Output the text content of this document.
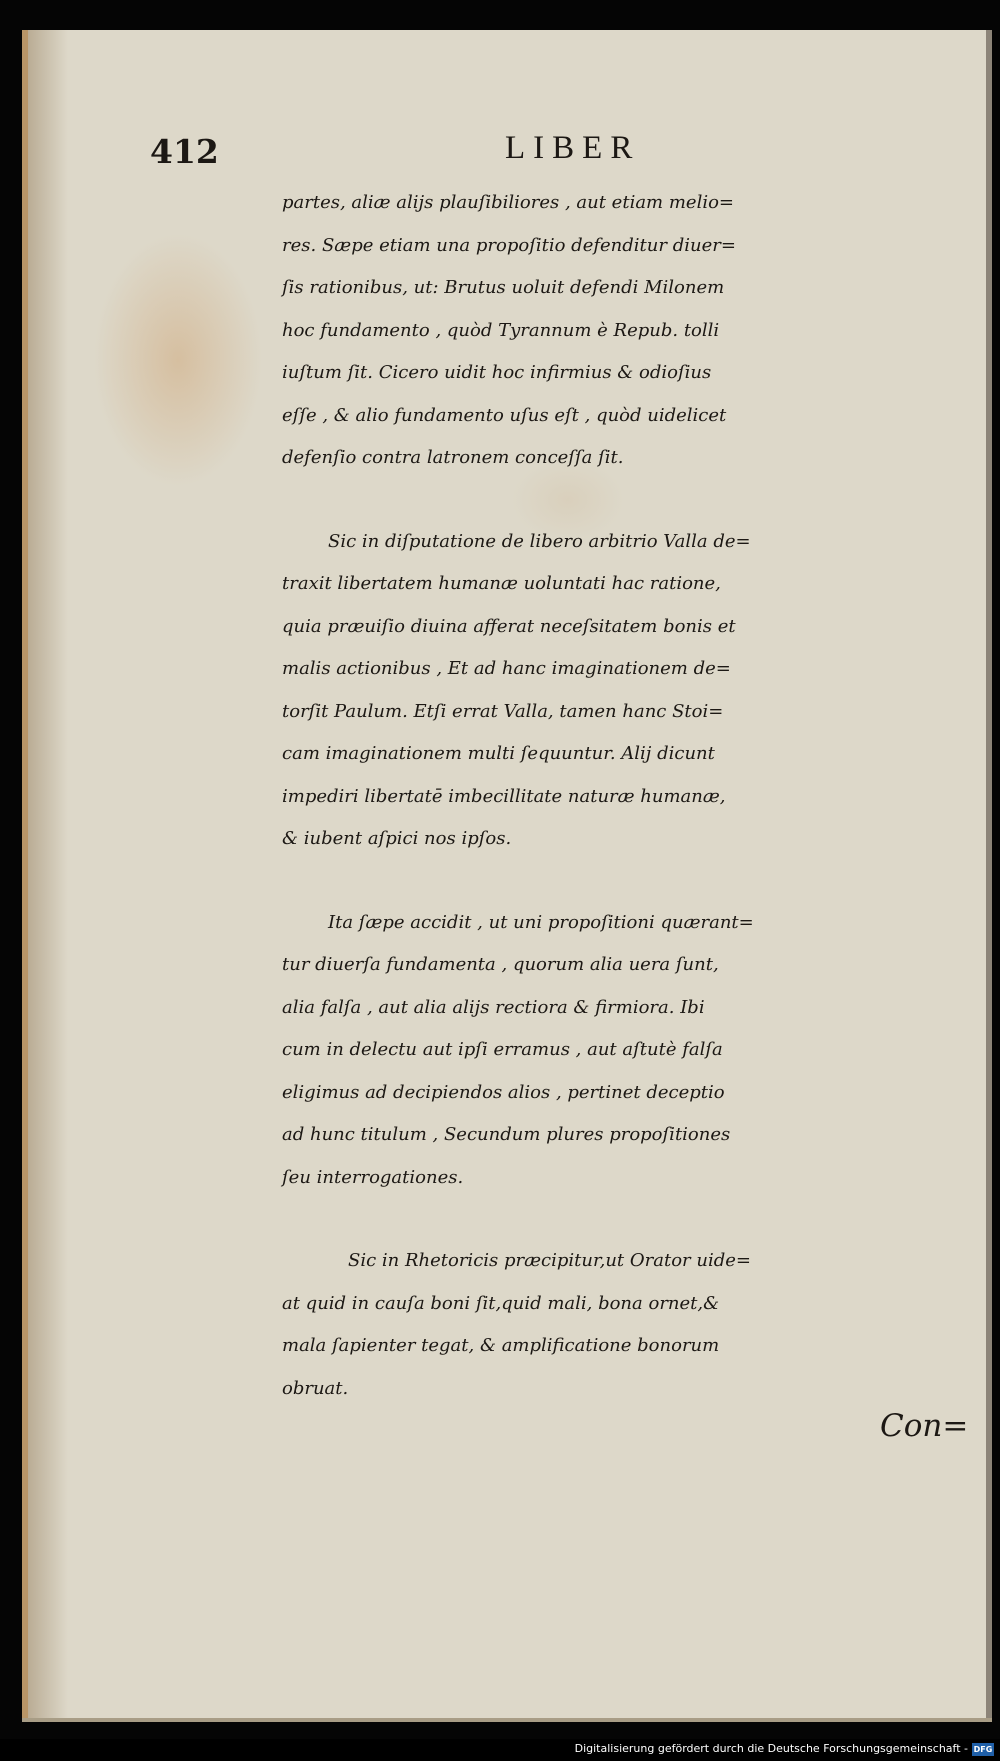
412	LIBER
partes, aliæ alijs plauſibiliores , aut etiam melio=
res. Sæpe etiam una propoſitio defenditur diuer=
ſis rationibus, ut: Brutus uoluit defendi Milonem
hoc fundamento , quòd Tyrannum è Repub. tolli
iuſtum ſit. Cicero uidit hoc infirmius & odioſius
eſſe , & alio fundamento uſus eſt , quòd uidelicet
defenſio contra latronem conceſſa ſit.
Sic in diſputatione de libero arbitrio Valla de=
traxit libertatem humanæ uoluntati hac ratione,
quia præuiſio diuina afferat neceſsitatem bonis et
malis actionibus , Et ad hanc imaginationem de=
torſit Paulum. Etſi errat Valla, tamen hanc Stoi=
cam imaginationem multi ſequuntur. Alij dicunt
impediri libertatē imbecillitate naturæ humanæ,
& iubent aſpici nos ipſos.
Ita ſæpe accidit , ut uni propoſitioni quærant=
tur diuerſa fundamenta , quorum alia uera ſunt,
alia falſa , aut alia alijs rectiora & firmiora. Ibi
cum in delectu aut ipſi erramus , aut aſtutè falſa
eligimus ad decipiendos alios , pertinet deceptio
ad hunc titulum , Secundum plures propoſitiones
ſeu interrogationes.
Sic in Rhetoricis præcipitur,ut Orator uide=
at quid in cauſa boni ſit,quid mali, bona ornet,&
mala ſapienter tegat, & amplificatione bonorum
obruat.
Con=
Digitalisierung gefördert durch die Deutsche Forschungsgemeinschaft - DFG
